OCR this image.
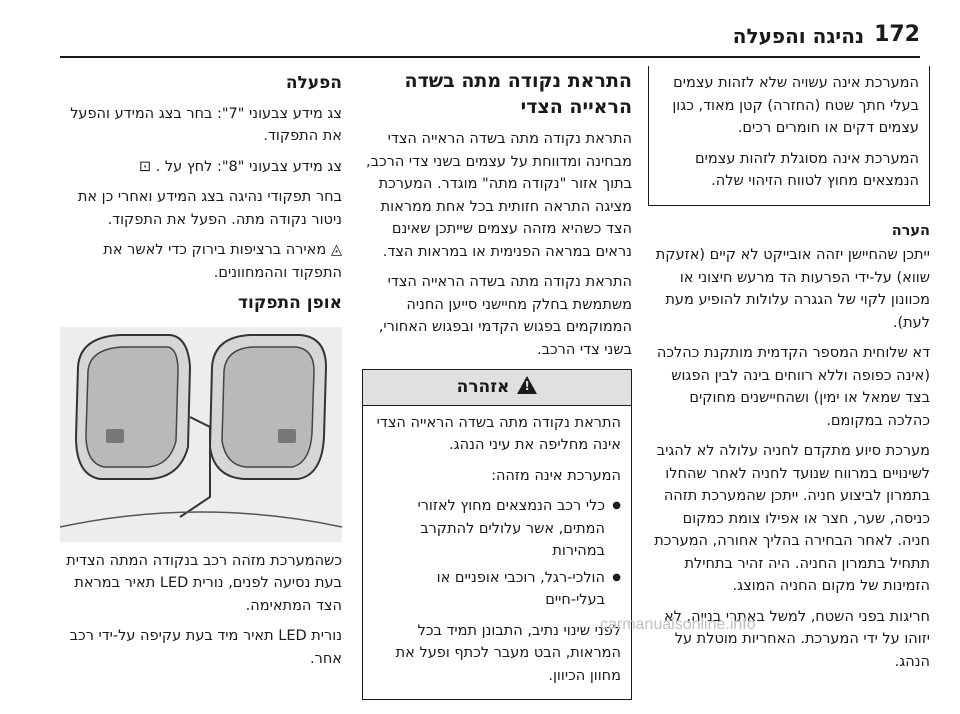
172
נהיגה והפעלה

המערכת אינה עשויה שלא לזהות עצמים בעלי חתך שטח (החזרה) קטן מאוד, כגון עצמים דקים או חומרים רכים.

המערכת אינה מסוגלת לזהות עצמים הנמצאים מחוץ לטווח הזיהוי שלה.

הערה

ייתכן שהחיישן יזהה אובייקט לא קיים (אזעקת שווא) על-ידי הפרעות הד מרעש חיצוני או מכוונון לקוי של הגגרה עלולות להופיע מעת לעת).

דא שלוחית המספר הקדמית מותקנת כהלכה (אינה כפופה וללא רווחים בינה לבין הפגוש בצד שמאל או ימין) ושהחיישנים מחוקים כהלכה במקומם.

מערכת סיוע מתקדם לחניה עלולה לא להגיב לשינויים במרווח שנועד לחניה לאחר שהחלו בתמרון לביצוע חניה. ייתכן שהמערכת תזהה כניסה, שער, חצר או אפילו צומת כמקום חניה. לאחר הבחירה בהליך אחורה, המערכת תתחיל בתמרון החניה. היה זהיר בתחילת הזמינות של מקום החניה המוצג.

חריגות בפני השטח, למשל באתרי בנייה, לא יזוהו על ידי המערכת. האחריות מוטלת על הנהג.

התראת נקודה מתה בשדה הראייה הצדי

התראת נקודה מתה בשדה הראייה הצדי מבחינה ומדווחת על עצמים בשני צדי הרכב, בתוך אזור "נקודה מתה" מוגדר. המערכת מציגה התראה חזותית בכל אחת ממראות הצד כשהיא מזהה עצמים שייתכן שאינם נראים במראה הפנימית או במראות הצד.

התראת נקודה מתה בשדה הראייה הצדי משתמשת בחלק מחיישני סייען החניה הממוקמים בפגוש הקדמי ובפגוש האחורי, בשני צדי הרכב.

! אזהרה

התראת נקודה מתה בשדה הראייה הצדי אינה מחליפה את עיני הנהג.

המערכת אינה מזהה:

● כלי רכב הנמצאים מחוץ לאזורי המתים, אשר עלולים להתקרב במהירות
● הולכי-רגל, רוכבי אופניים או בעלי-חיים

לפני שינוי נתיב, התבונן תמיד בכל המראות, הבט מעבר לכתף ופעל את מחוון הכיוון.

הפעלה

צג מידע צבעוני "7": בחר בצג המידע והפעל את התפקוד.

צג מידע צבעוני "8": לחץ על . ⊡

בחר תפקודי נהיגה בצג המידע ואחרי כן את ניטור נקודה מתה. הפעל את התפקוד.

◬ מאירה ברציפות בירוק כדי לאשר את התפקוד וההמחוונים.

אופן התפקוד

כשהמערכת מזהה רכב בנקודה המתה הצדית בעת נסיעה לפנים, נורית LED תאיר במראת הצד המתאימה.

נורית LED תאיר מיד בעת עקיפה על-ידי רכב אחר.

carmanualsonline.info
